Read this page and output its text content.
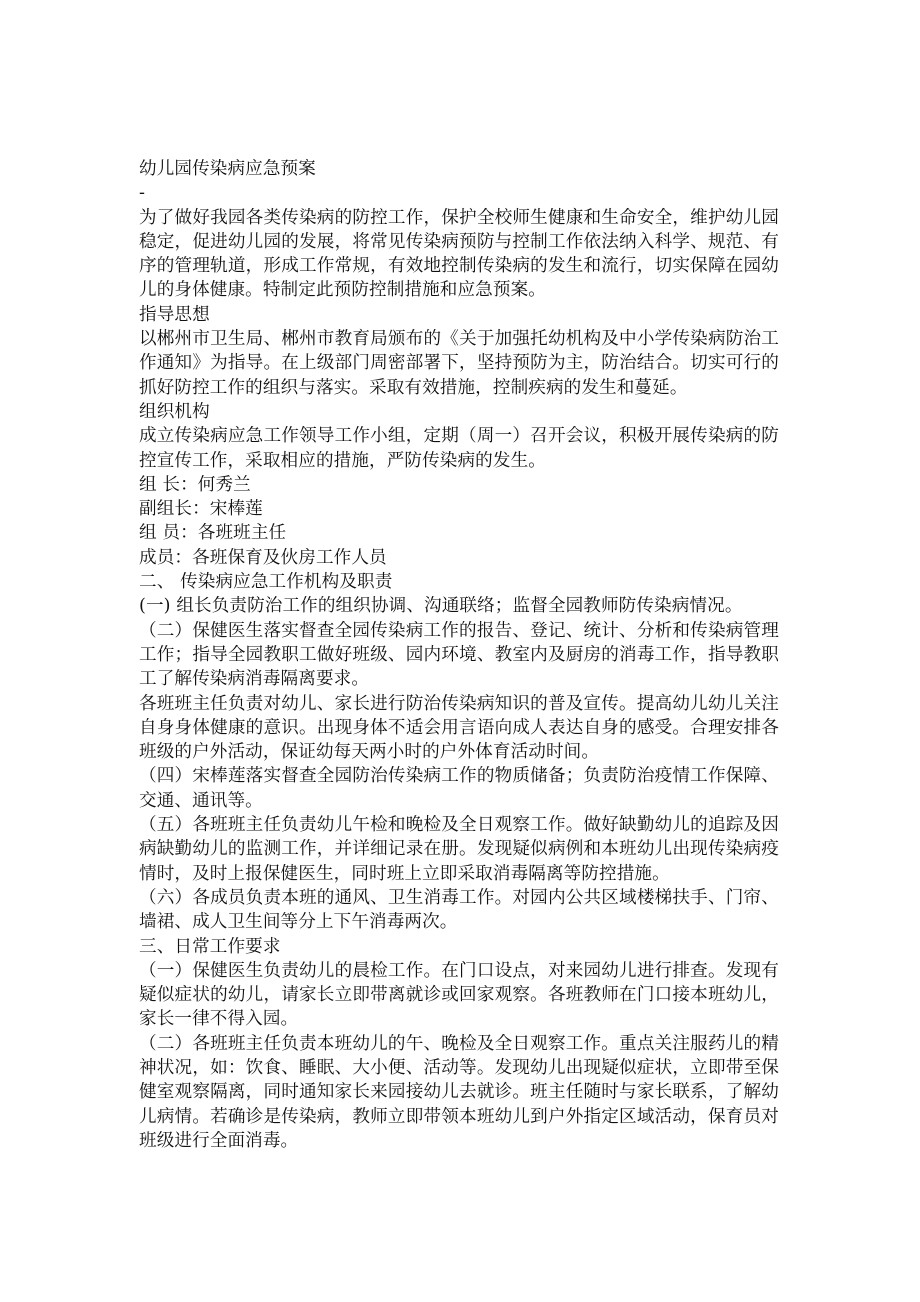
幼儿园传染病应急预案

-

为了做好我园各类传染病的防控工作，保护全校师生健康和生命安全，维护幼儿园稳定，促进幼儿园的发展，将常见传染病预防与控制工作依法纳入科学、规范、有序的管理轨道，形成工作常规，有效地控制传染病的发生和流行，切实保障在园幼儿的身体健康。特制定此预防控制措施和应急预案。

指导思想

以郴州市卫生局、郴州市教育局颁布的《关于加强托幼机构及中小学传染病防治工作通知》为指导。在上级部门周密部署下，坚持预防为主，防治结合。切实可行的抓好防控工作的组织与落实。采取有效措施，控制疾病的发生和蔓延。

组织机构

成立传染病应急工作领导工作小组，定期（周一）召开会议，积极开展传染病的防控宣传工作，采取相应的措施，严防传染病的发生。

组 长：何秀兰

副组长：宋棒莲

组 员：各班班主任

成员：各班保育及伙房工作人员

二、 传染病应急工作机构及职责

(一) 组长负责防治工作的组织协调、沟通联络；监督全园教师防传染病情况。

（二）保健医生落实督查全园传染病工作的报告、登记、统计、分析和传染病管理工作；指导全园教职工做好班级、园内环境、教室内及厨房的消毒工作，指导教职工了解传染病消毒隔离要求。

各班班主任负责对幼儿、家长进行防治传染病知识的普及宣传。提高幼儿幼儿关注自身身体健康的意识。出现身体不适会用言语向成人表达自身的感受。合理安排各班级的户外活动，保证幼每天两小时的户外体育活动时间。

（四）宋棒莲落实督查全园防治传染病工作的物质储备；负责防治疫情工作保障、交通、通讯等。

（五）各班班主任负责幼儿午检和晚检及全日观察工作。做好缺勤幼儿的追踪及因病缺勤幼儿的监测工作，并详细记录在册。发现疑似病例和本班幼儿出现传染病疫情时，及时上报保健医生，同时班上立即采取消毒隔离等防控措施。

（六）各成员负责本班的通风、卫生消毒工作。对园内公共区域楼梯扶手、门帘、墙裙、成人卫生间等分上下午消毒两次。

三、日常工作要求

（一）保健医生负责幼儿的晨检工作。在门口设点，对来园幼儿进行排查。发现有疑似症状的幼儿，请家长立即带离就诊或回家观察。各班教师在门口接本班幼儿，家长一律不得入园。

（二）各班班主任负责本班幼儿的午、晚检及全日观察工作。重点关注服药儿的精神状况，如：饮食、睡眠、大小便、活动等。发现幼儿出现疑似症状，立即带至保健室观察隔离，同时通知家长来园接幼儿去就诊。班主任随时与家长联系，了解幼儿病情。若确诊是传染病，教师立即带领本班幼儿到户外指定区域活动，保育员对班级进行全面消毒。
